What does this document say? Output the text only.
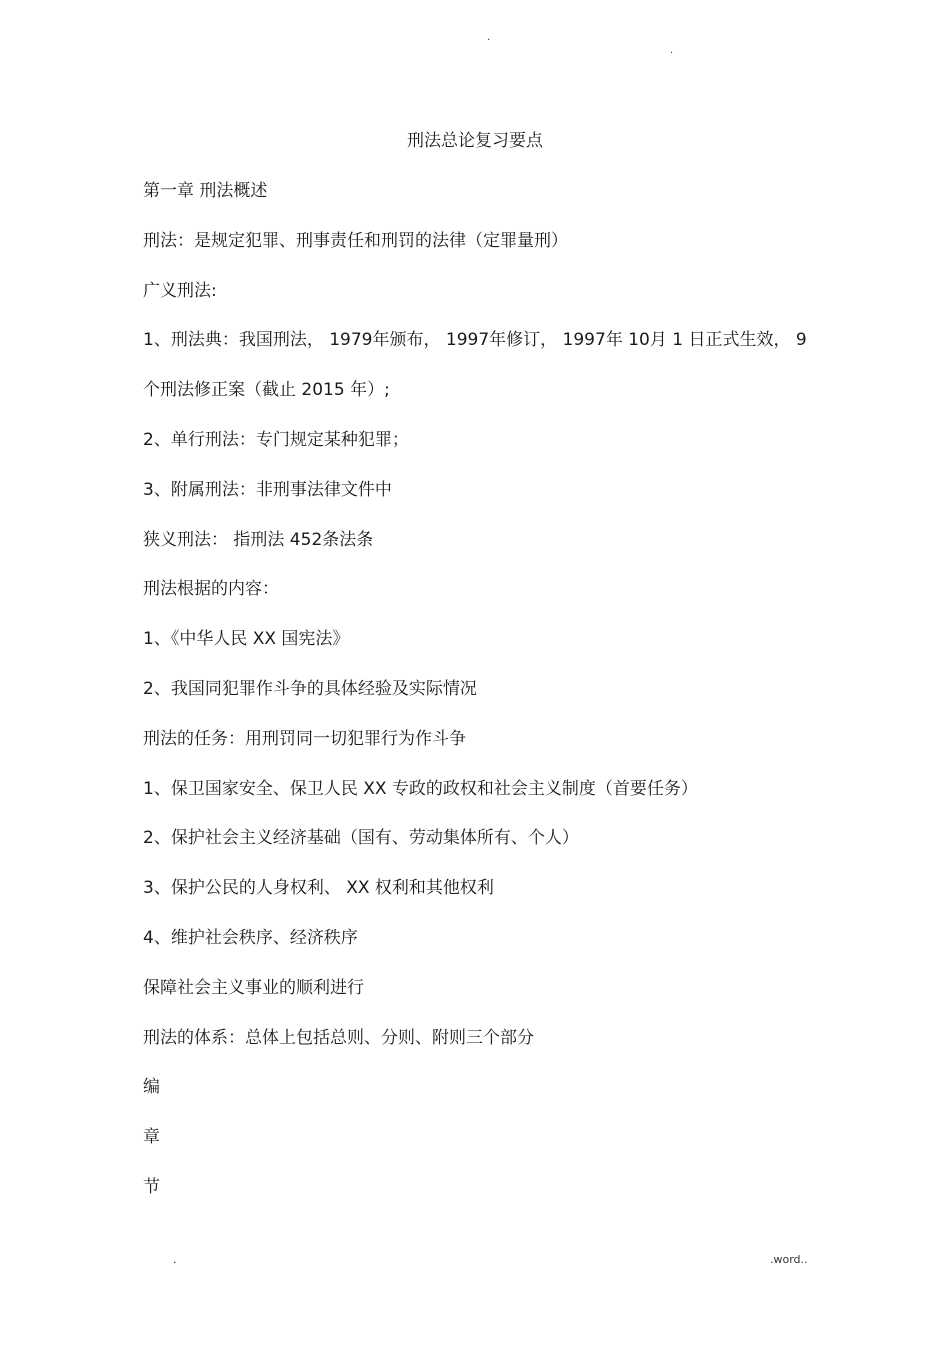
.
.
刑法总论复习要点
第一章 刑法概述
刑法：是规定犯罪、刑事责任和刑罚的法律（定罪量刑）
广义刑法:
1、刑法典：我国刑法， 1979年颁布， 1997年修订， 1997年 10月 1 日正式生效， 9
个刑法修正案（截止 2015 年）;
2、单行刑法：专门规定某种犯罪；
3、附属刑法：非刑事法律文件中
狭义刑法： 指刑法 452条法条
刑法根据的内容：
1、《中华人民 XX 国宪法》
2、我国同犯罪作斗争的具体经验及实际情况
刑法的任务：用刑罚同一切犯罪行为作斗争
1、保卫国家安全、保卫人民 XX 专政的政权和社会主义制度（首要任务）
2、保护社会主义经济基础（国有、劳动集体所有、个人）
3、保护公民的人身权利、 XX 权利和其他权利
4、维护社会秩序、经济秩序
保障社会主义事业的顺利进行
刑法的体系：总体上包括总则、分则、附则三个部分
编
章
节
.	.word..
